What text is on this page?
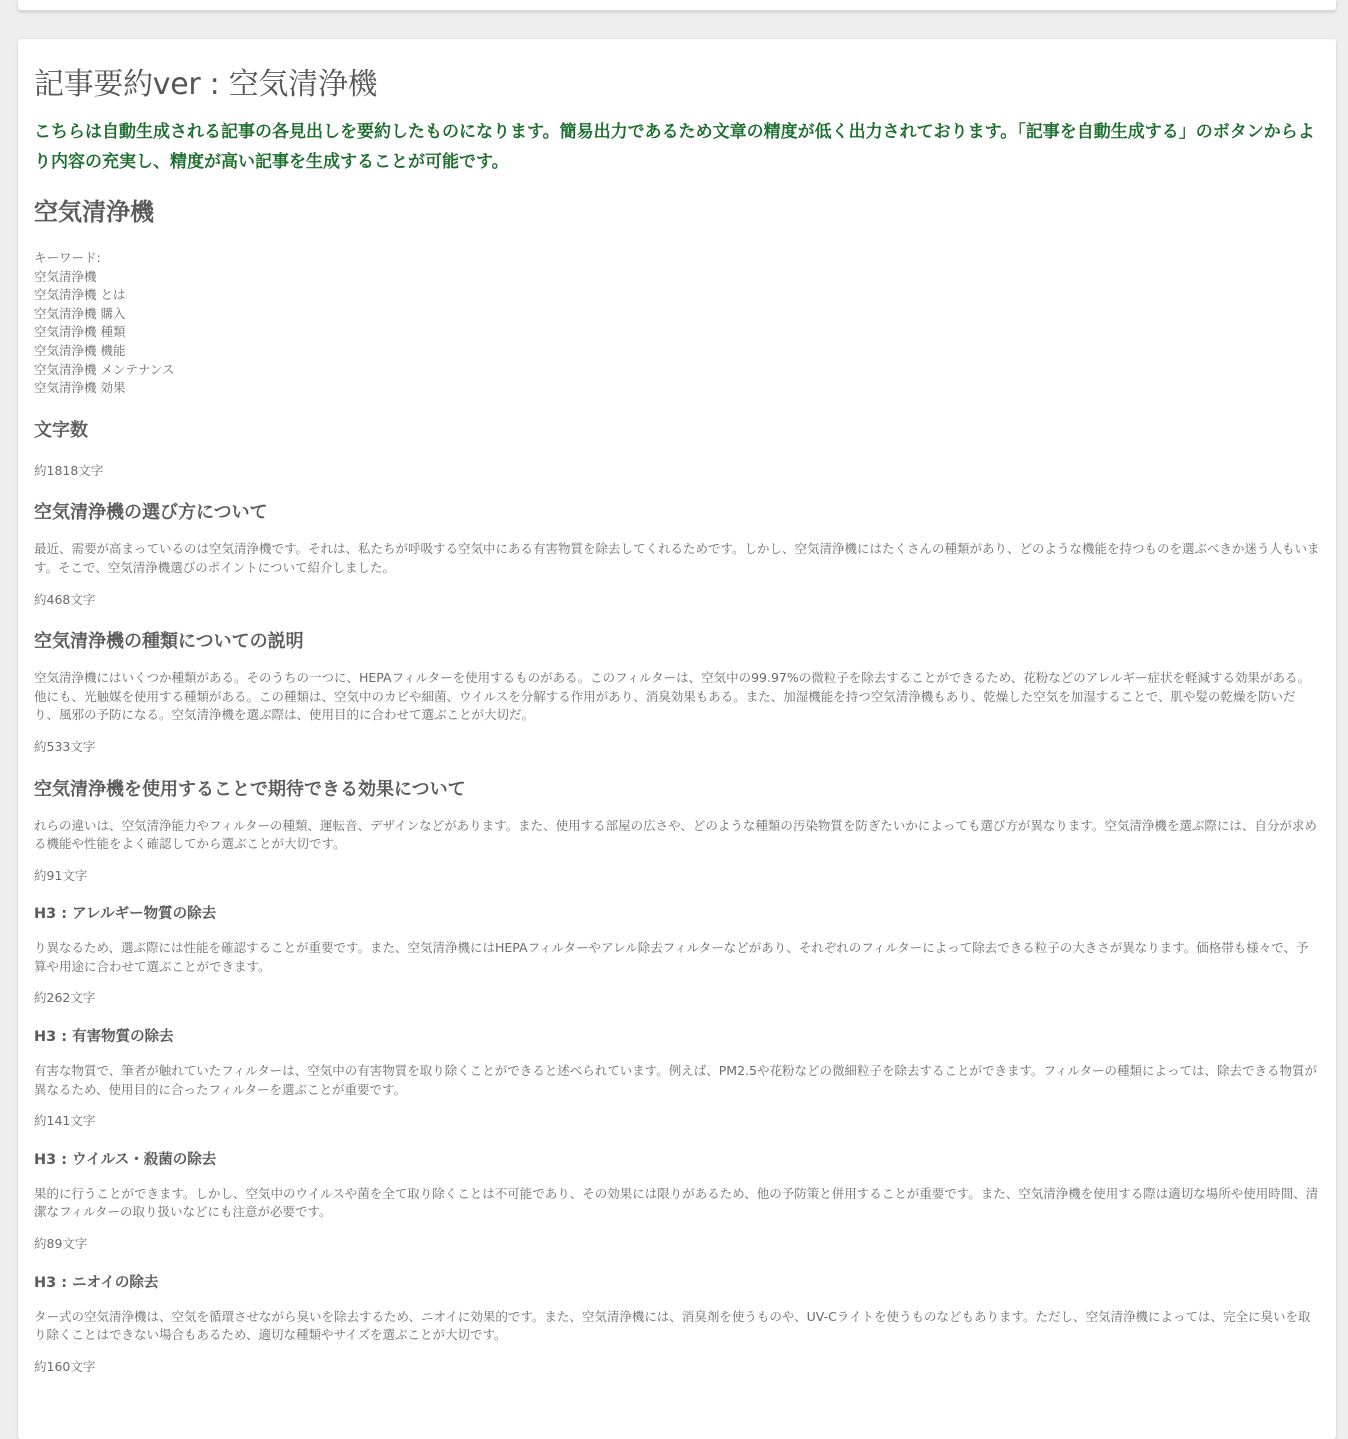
記事要約ver : 空気清浄機

こちらは自動生成される記事の各見出しを要約したものになります。簡易出力であるため文章の精度が低く出力されております。「記事を自動生成する」のボタンからより内容の充実し、精度が高い記事を生成することが可能です。

空気清浄機
キーワード:
空気清浄機
空気清浄機 とは
空気清浄機 購入
空気清浄機 種類
空気清浄機 機能
空気清浄機 メンテナンス
空気清浄機 効果
文字数
約1818文字
空気清浄機の選び方について

最近、需要が高まっているのは空気清浄機です。それは、私たちが呼吸する空気中にある有害物質を除去してくれるためです。しかし、空気清浄機にはたくさんの種類があり、どのような機能を持つものを選ぶべきか迷う人もいます。そこで、空気清浄機選びのポイントについて紹介しました。

約468文字
空気清浄機の種類についての説明

空気清浄機にはいくつか種類がある。そのうちの一つに、HEPAフィルターを使用するものがある。このフィルターは、空気中の99.97%の微粒子を除去することができるため、花粉などのアレルギー症状を軽減する効果がある。他にも、光触媒を使用する種類がある。この種類は、空気中のカビや細菌、ウイルスを分解する作用があり、消臭効果もある。また、加湿機能を持つ空気清浄機もあり、乾燥した空気を加湿することで、肌や髪の乾燥を防いだり、風邪の予防になる。空気清浄機を選ぶ際は、使用目的に合わせて選ぶことが大切だ。

約533文字
空気清浄機を使用することで期待できる効果について

れらの違いは、空気清浄能力やフィルターの種類、運転音、デザインなどがあります。また、使用する部屋の広さや、どのような種類の汚染物質を防ぎたいかによっても選び方が異なります。空気清浄機を選ぶ際には、自分が求める機能や性能をよく確認してから選ぶことが大切です。

約91文字
H3 : アレルギー物質の除去

り異なるため、選ぶ際には性能を確認することが重要です。また、空気清浄機にはHEPAフィルターやアレル除去フィルターなどがあり、それぞれのフィルターによって除去できる粒子の大きさが異なります。価格帯も様々で、予算や用途に合わせて選ぶことができます。

約262文字
H3 : 有害物質の除去

有害な物質で、筆者が触れていたフィルターは、空気中の有害物質を取り除くことができると述べられています。例えば、PM2.5や花粉などの微細粒子を除去することができます。フィルターの種類によっては、除去できる物質が異なるため、使用目的に合ったフィルターを選ぶことが重要です。

約141文字
H3 : ウイルス・殺菌の除去

果的に行うことができます。しかし、空気中のウイルスや菌を全て取り除くことは不可能であり、その効果には限りがあるため、他の予防策と併用することが重要です。また、空気清浄機を使用する際は適切な場所や使用時間、清潔なフィルターの取り扱いなどにも注意が必要です。

約89文字
H3 : ニオイの除去

ター式の空気清浄機は、空気を循環させながら臭いを除去するため、ニオイに効果的です。また、空気清浄機には、消臭剤を使うものや、UV-Cライトを使うものなどもあります。ただし、空気清浄機によっては、完全に臭いを取り除くことはできない場合もあるため、適切な種類やサイズを選ぶことが大切です。

約160文字
